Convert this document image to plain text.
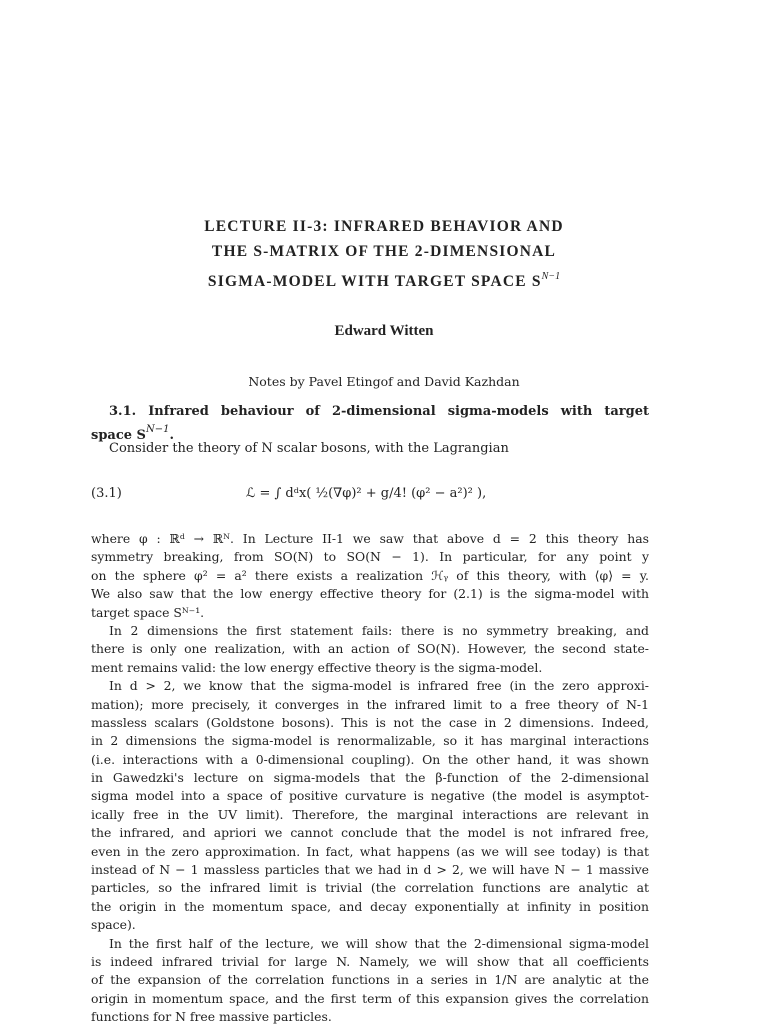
LECTURE II-3: INFRARED BEHAVIOR AND
THE S-MATRIX OF THE 2-DIMENSIONAL
SIGMA-MODEL WITH TARGET SPACE $S^{N-1}$
Edward Witten
Notes by Pavel Etingof and David Kazhdan
3.1. Infrared behaviour of 2-dimensional sigma-models with target
space $S^{N-1}$.
Consider the theory of N scalar bosons, with the Lagrangian
(3.1)	ℒ = ∫ dᵈx( ½(∇φ)² + g/4! (φ² − a²)² ),
where φ : ℝᵈ → ℝᴺ. In Lecture II-1 we saw that above d = 2 this theory has
symmetry breaking, from SO(N) to SO(N − 1). In particular, for any point y
on the sphere φ² = a² there exists a realization ℋᵧ of this theory, with ⟨φ⟩ = y.
We also saw that the low energy effective theory for (2.1) is the sigma-model with
target space Sᴺ⁻¹.
In 2 dimensions the first statement fails: there is no symmetry breaking, and
there is only one realization, with an action of SO(N). However, the second state-
ment remains valid: the low energy effective theory is the sigma-model.
In d > 2, we know that the sigma-model is infrared free (in the zero approxi-
mation); more precisely, it converges in the infrared limit to a free theory of N-1
massless scalars (Goldstone bosons). This is not the case in 2 dimensions. Indeed,
in 2 dimensions the sigma-model is renormalizable, so it has marginal interactions
(i.e. interactions with a 0-dimensional coupling). On the other hand, it was shown
in Gawedzki's lecture on sigma-models that the β-function of the 2-dimensional
sigma model into a space of positive curvature is negative (the model is asymptot-
ically free in the UV limit). Therefore, the marginal interactions are relevant in
the infrared, and apriori we cannot conclude that the model is not infrared free,
even in the zero approximation. In fact, what happens (as we will see today) is that
instead of N − 1 massless particles that we had in d > 2, we will have N − 1 massive
particles, so the infrared limit is trivial (the correlation functions are analytic at
the origin in the momentum space, and decay exponentially at infinity in position
space).
In the first half of the lecture, we will show that the 2-dimensional sigma-model
is indeed infrared trivial for large N. Namely, we will show that all coefficients
of the expansion of the correlation functions in a series in 1/N are analytic at the
origin in momentum space, and the first term of this expansion gives the correlation
functions for N free massive particles.
